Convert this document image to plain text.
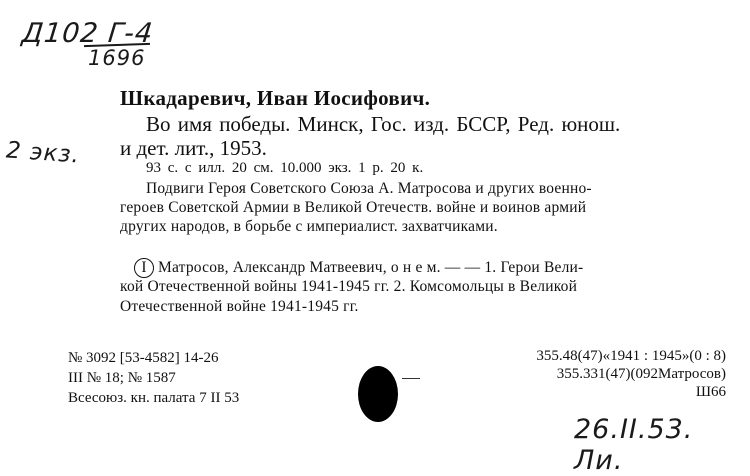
Д102 Г-4
1696
2 экз.

Шкадаревич, Иван Иосифович.

Во имя победы. Минск, Гос. изд. БССР, Ред. юнош.

и дет. лит., 1953.

93 с. с илл. 20 см. 10.000 экз. 1 р. 20 к.

Подвиги Героя Советского Союза А. Матросова и других военно-

героев Советской Армии в Великой Отечеств. войне и воинов армий

других народов, в борьбе с империалист. захватчиками.

I Матросов, Александр Матвеевич, о н е м. — — 1. Герои Вели-

кой Отечественной войны 1941-1945 гг. 2. Комсомольцы в Великой

Отечественной войне 1941-1945 гг.

№ 3092 [53-4582] 14-26

III № 18; № 1587

Всесоюз. кн. палата 7 II 53

355.48(47)«1941 : 1945»(0 : 8)

355.331(47)(092Матросов)

Ш66

26.II.53. Ли.
